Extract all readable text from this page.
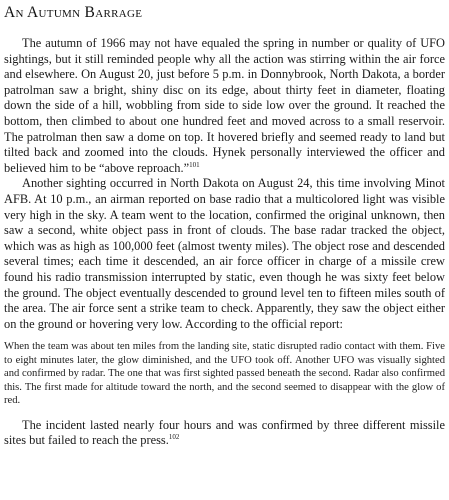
An Autumn Barrage

The autumn of 1966 may not have equaled the spring in number or quality of UFO sightings, but it still reminded people why all the action was stirring within the air force and elsewhere. On August 20, just before 5 p.m. in Donnybrook, North Dakota, a border patrolman saw a bright, shiny disc on its edge, about thirty feet in diameter, floating down the side of a hill, wobbling from side to side low over the ground. It reached the bottom, then climbed to about one hundred feet and moved across to a small reservoir. The patrolman then saw a dome on top. It hovered briefly and seemed ready to land but tilted back and zoomed into the clouds. Hynek personally interviewed the officer and believed him to be “above reproach.”$^{101}$

Another sighting occurred in North Dakota on August 24, this time involving Minot AFB. At 10 p.m., an airman reported on base radio that a multicolored light was visible very high in the sky. A team went to the location, confirmed the original unknown, then saw a second, white object pass in front of clouds. The base radar tracked the object, which was as high as 100,000 feet (almost twenty miles). The object rose and descended several times; each time it descended, an air force officer in charge of a missile crew found his radio transmission interrupted by static, even though he was sixty feet below the ground. The object eventually descended to ground level ten to fifteen miles south of the area. The air force sent a strike team to check. Apparently, they saw the object either on the ground or hovering very low. According to the official report:

When the team was about ten miles from the landing site, static disrupted radio contact with them. Five to eight minutes later, the glow diminished, and the UFO took off. Another UFO was visually sighted and confirmed by radar. The one that was first sighted passed beneath the second. Radar also confirmed this. The first made for altitude toward the north, and the second seemed to disappear with the glow of red.

The incident lasted nearly four hours and was confirmed by three different missile sites but failed to reach the press.$^{102}$
